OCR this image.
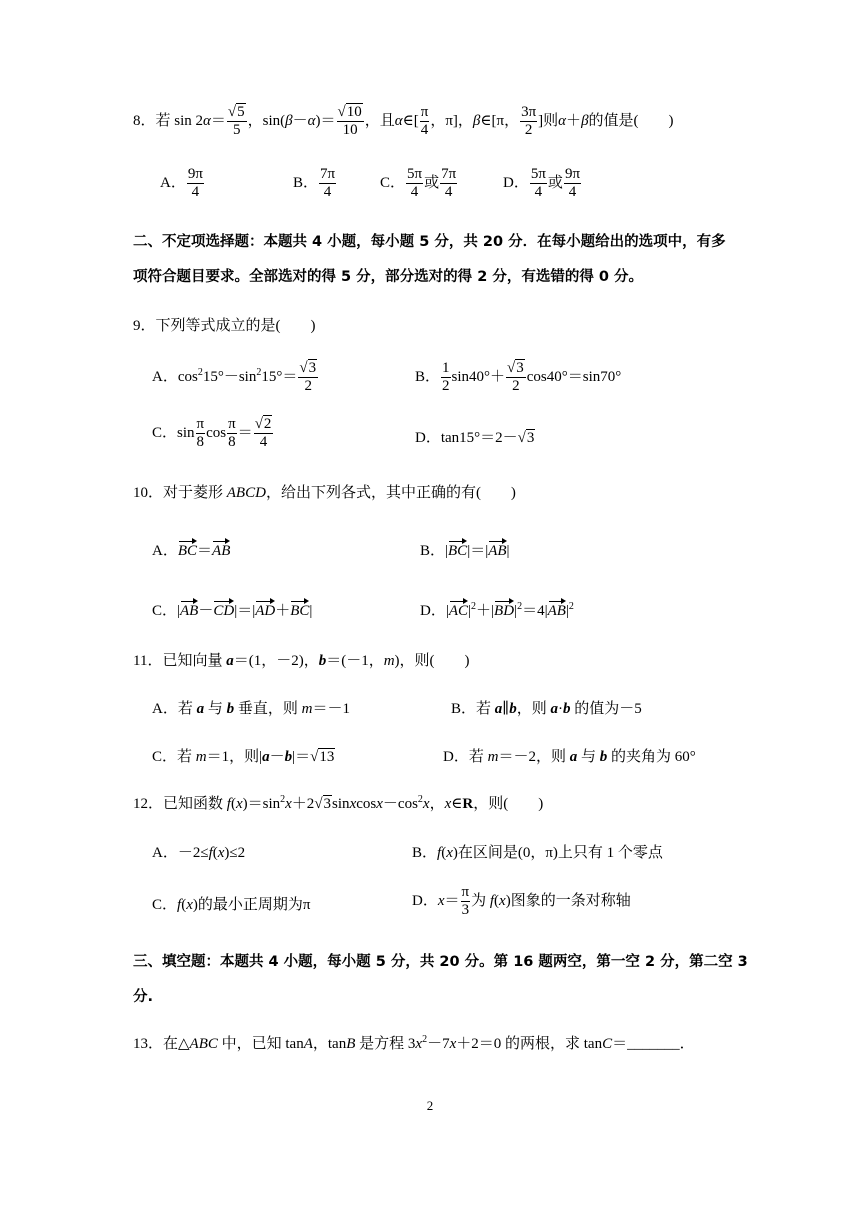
8．若 $\sin 2\alpha= \frac{√5}{5}$ ，$\sin(\beta-\alpha)= \frac{√10}{10}$ ，且α∈[ $\frac{\pi}{4}$ ，π]，β∈[π， $\frac{3\pi}{2}$ ]则α＋β的值是(　　)
A． $\frac{9\pi}{4}$	B． $\frac{7\pi}{4}$	C． $\frac{5\pi}{4}$ 或 $\frac{7\pi}{4}$	D． $\frac{5\pi}{4}$ 或 $\frac{9\pi}{4}$
二、不定项选择题：本题共 4 小题，每小题 5 分，共 20 分．在每小题给出的选项中，有多
项符合题目要求。全部选对的得 5 分，部分选对的得 2 分，有选错的得 0 分。
9．下列等式成立的是(　　)
A．$\cos^215^\circ-\sin^215^\circ= \frac{√3}{2}$	B． $\frac{1}{2} \sin 40^\circ+ \frac{√3}{2} \cos 40^\circ=\sin 70^\circ$
C．$\sin \frac{\pi}{8}$ $\cos \frac{\pi}{8} = \frac{√2}{4}$	D．tan15°＝2－√3
10．对于菱形 ABCD，给出下列各式，其中正确的有(　　)
A．BC＝AB	B．|BC|＝|AB|
C．|AB－CD|＝|AD＋BC|	D．$|AC|^2+|BD|^2=4|AB|^2$
11．已知向量 a＝(1，－2)，b＝(－1，m)，则(　　)
A．若 a 与 b 垂直，则 m＝－1	B．若 a∥b，则 a·b 的值为－5
C．若 m＝1，则|a－b|＝√13	D．若 m＝－2，则 a 与 b 的夹角为 60°
12．已知函数 $f(x)=\sin^2x+2√3sinxcosx-\cos^2x$，x∈R，则(　　)
A．－2≤f(x)≤2	B．f(x)在区间是(0，π)上只有 1 个零点
C．f(x)的最小正周期为π	D．$x= \frac{\pi}{3}$ 为 f(x)图象的一条对称轴
三、填空题：本题共 4 小题，每小题 5 分，共 20 分。第 16 题两空，第一空 2 分，第二空 3
分.
13．在△ABC 中，已知 tanA，tanB 是方程 $3x^2-7x+2=0$ 的两根，求 tanC＝_______．
2
